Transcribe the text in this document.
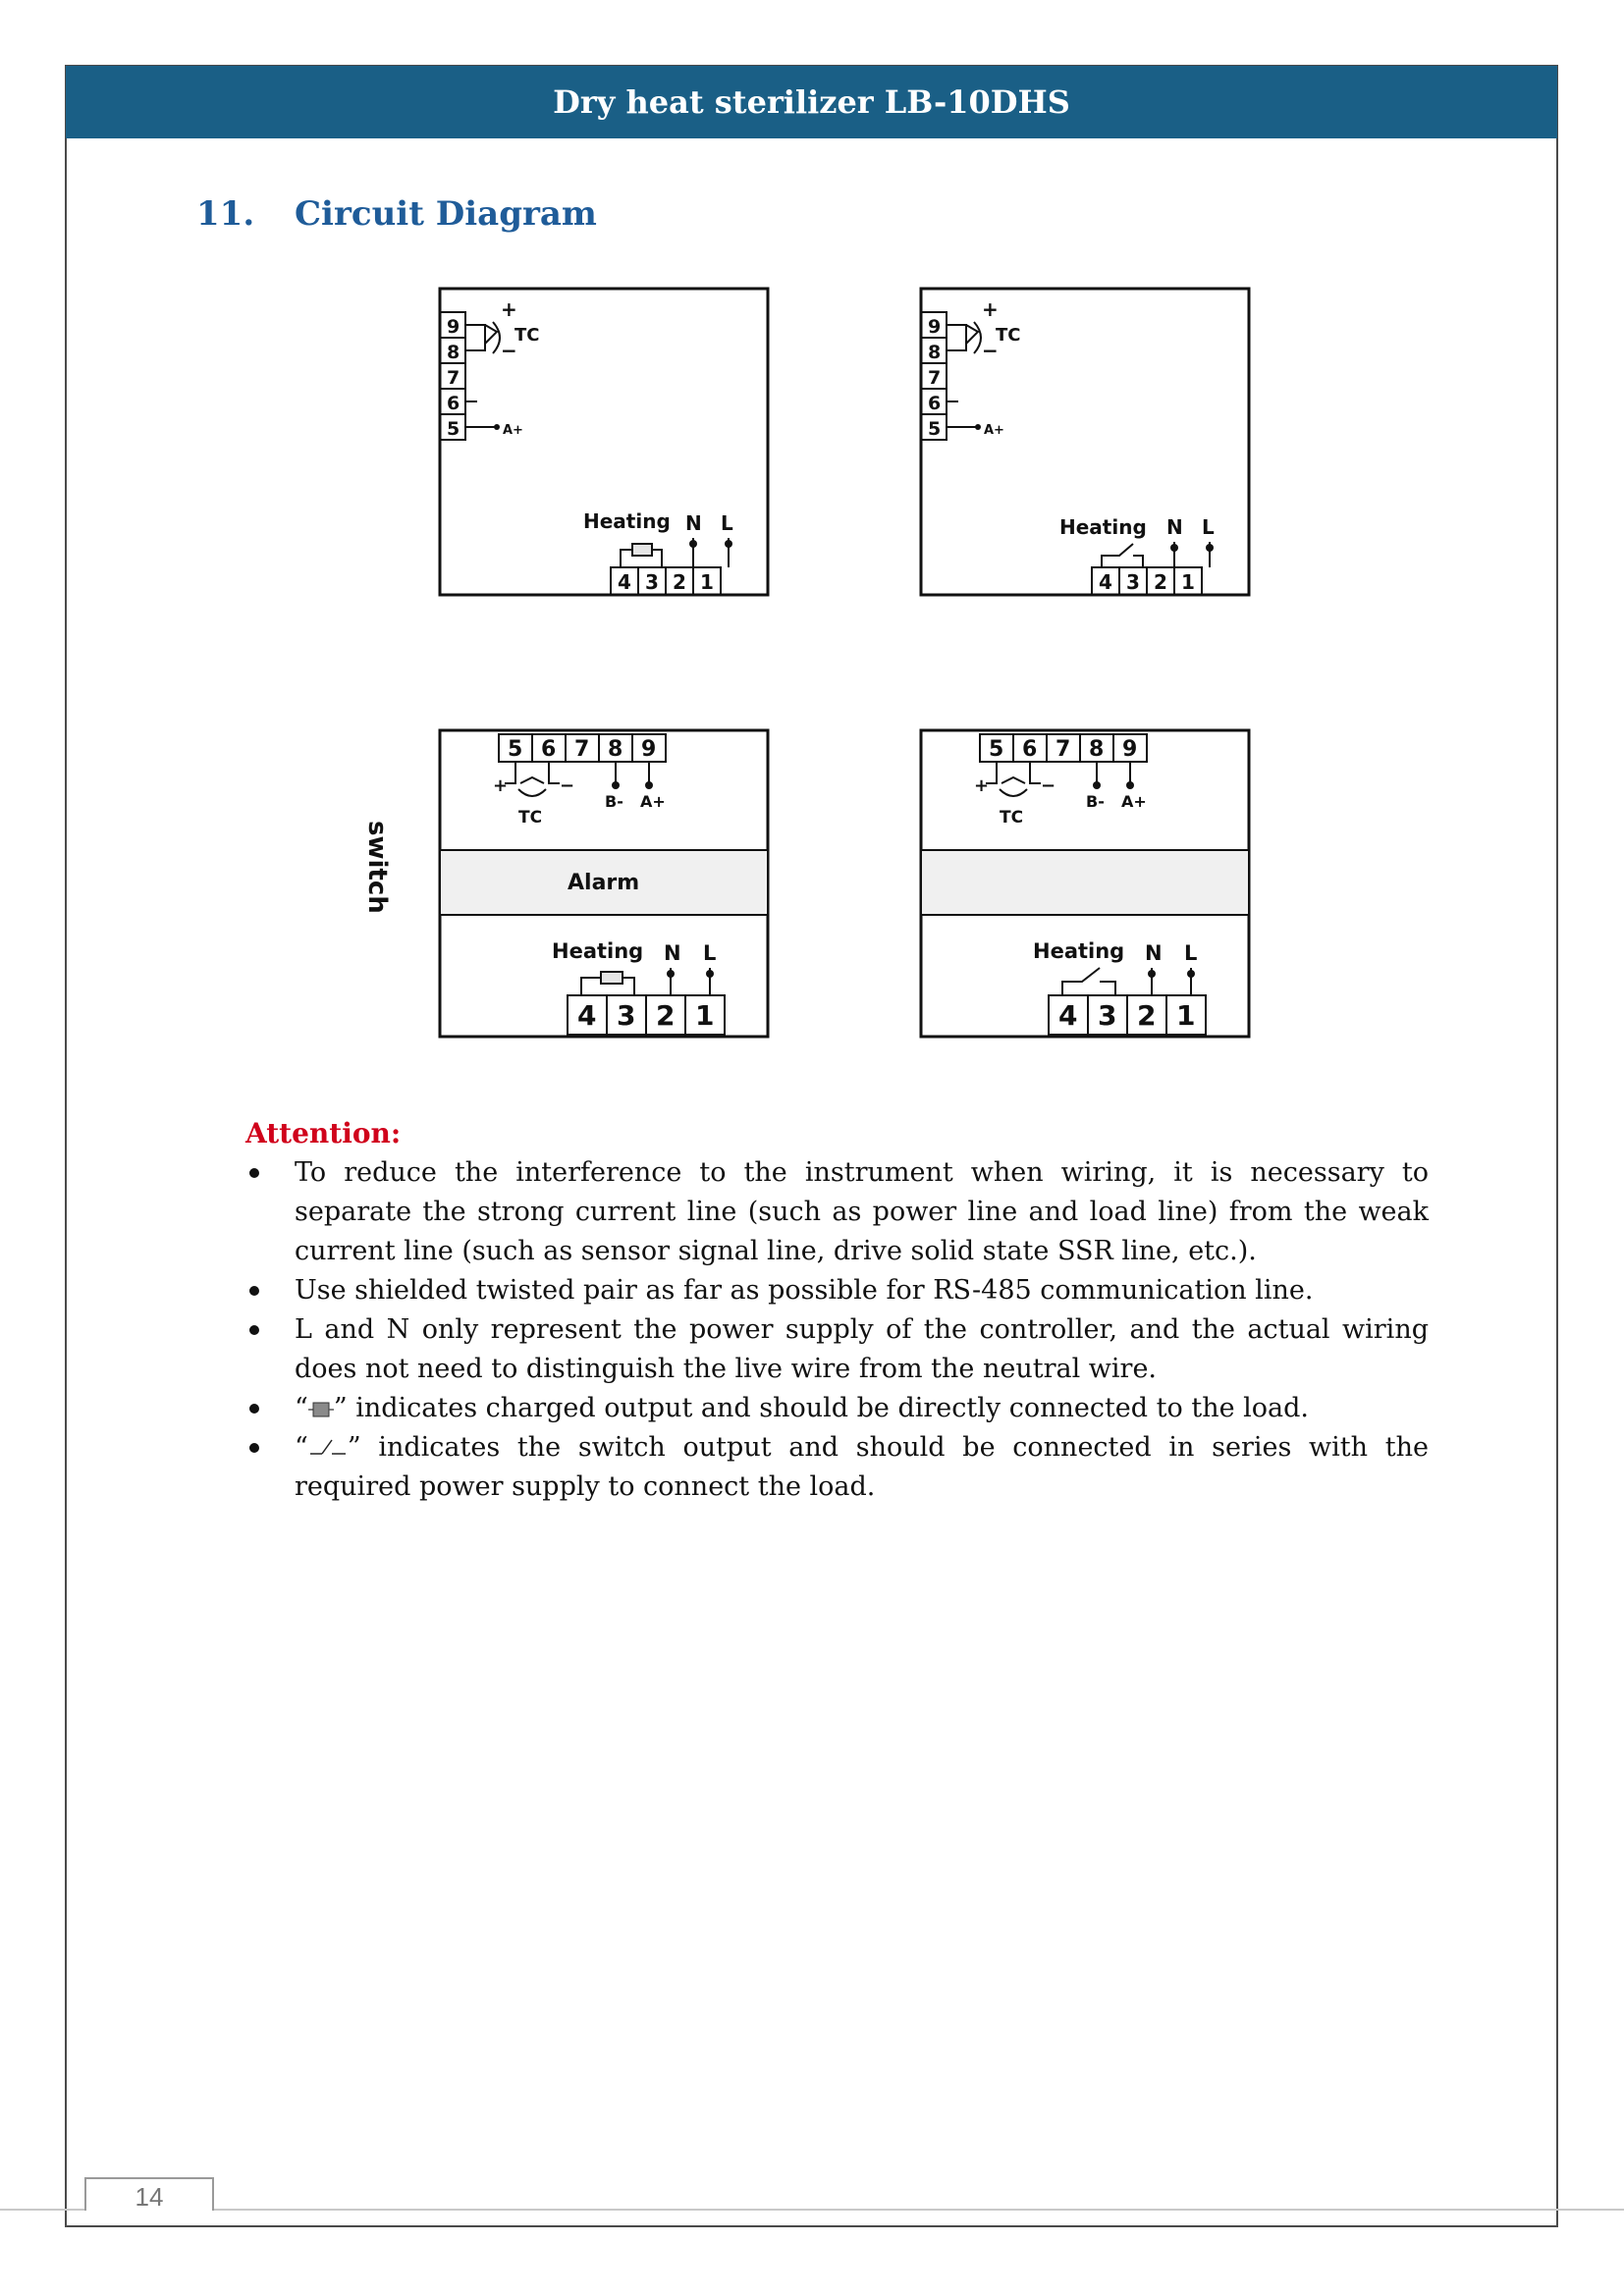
Dry heat sterilizer LB-10DHS
11. Circuit Diagram
9
8
7
6
5
+
−
TC
A+
Heating N L
4 3 2 1
9
8
7
6
5
+
−
TC
A+
Heating N L
4 3 2 1
switch
5 6 7 8 9
+	−
TC
B- A+
Alarm
Heating N L
4 3 2 1
5 6 7 8 9
+	−
TC
B- A+
Heating N L
4 3 2 1
Attention:
To reduce the interference to the instrument when wiring, it is necessary to separate the strong current line (such as power line and load line) from the weak current line (such as sensor signal line, drive solid state SSR line, etc.).
Use shielded twisted pair as far as possible for RS-485 communication line.
L and N only represent the power supply of the controller, and the actual wiring does not need to distinguish the live wire from the neutral wire.
“ ” indicates charged output and should be directly connected to the load.
“ ” indicates the switch output and should be connected in series with the required power supply to connect the load.
14
